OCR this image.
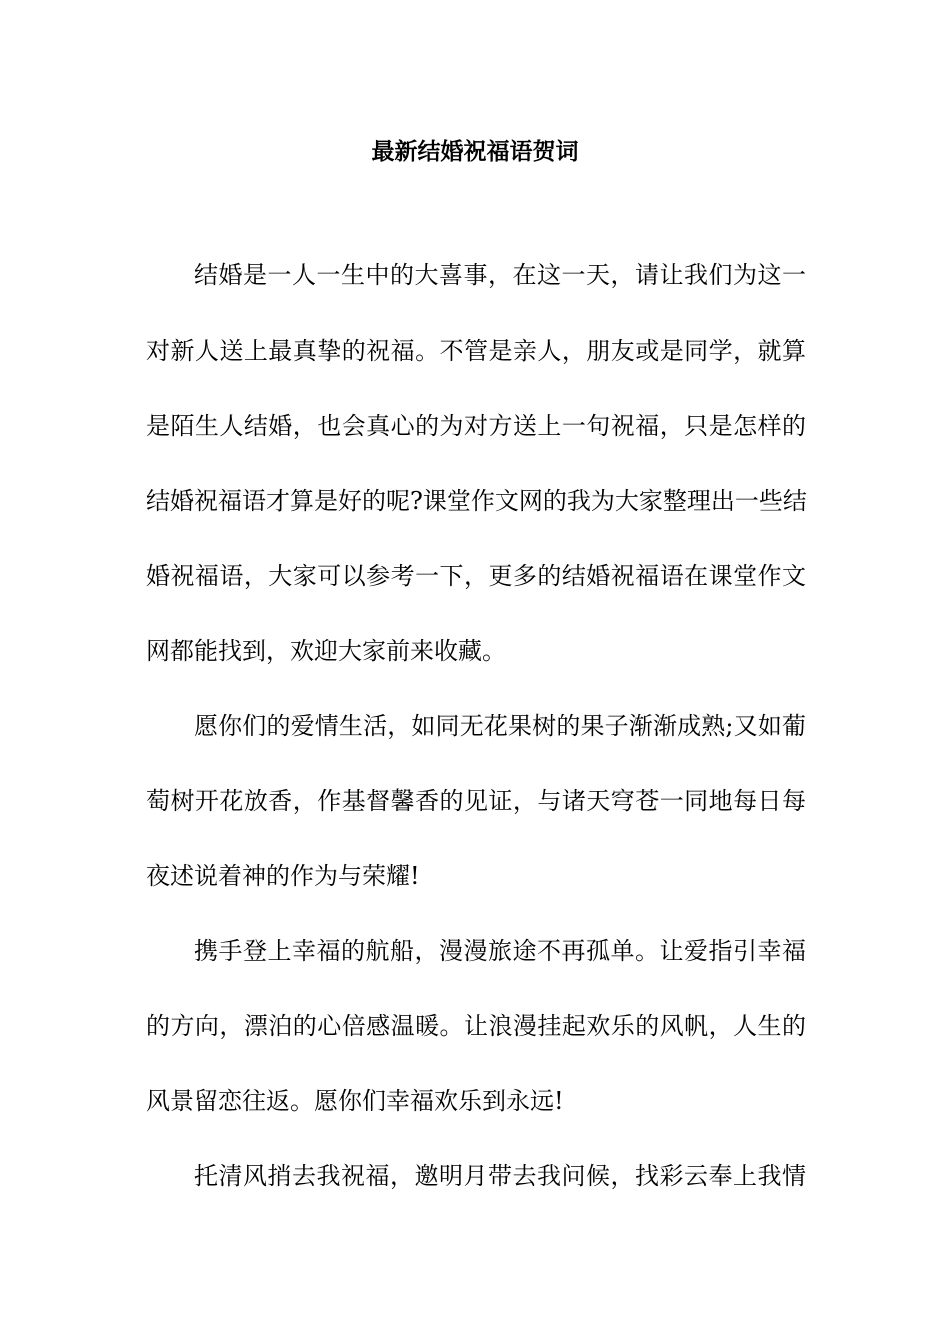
最新结婚祝福语贺词
结婚是一人一生中的大喜事，在这一天，请让我们为这一
对新人送上最真挚的祝福。不管是亲人，朋友或是同学，就算
是陌生人结婚，也会真心的为对方送上一句祝福，只是怎样的
结婚祝福语才算是好的呢?课堂作文网的我为大家整理出一些结
婚祝福语，大家可以参考一下，更多的结婚祝福语在课堂作文
网都能找到，欢迎大家前来收藏。
愿你们的爱情生活，如同无花果树的果子渐渐成熟;又如葡
萄树开花放香，作基督馨香的见证，与诸天穹苍一同地每日每
夜述说着神的作为与荣耀!
携手登上幸福的航船，漫漫旅途不再孤单。让爱指引幸福
的方向，漂泊的心倍感温暖。让浪漫挂起欢乐的风帆，人生的
风景留恋往返。愿你们幸福欢乐到永远!
托清风捎去我祝福，邀明月带去我问候，找彩云奉上我情
